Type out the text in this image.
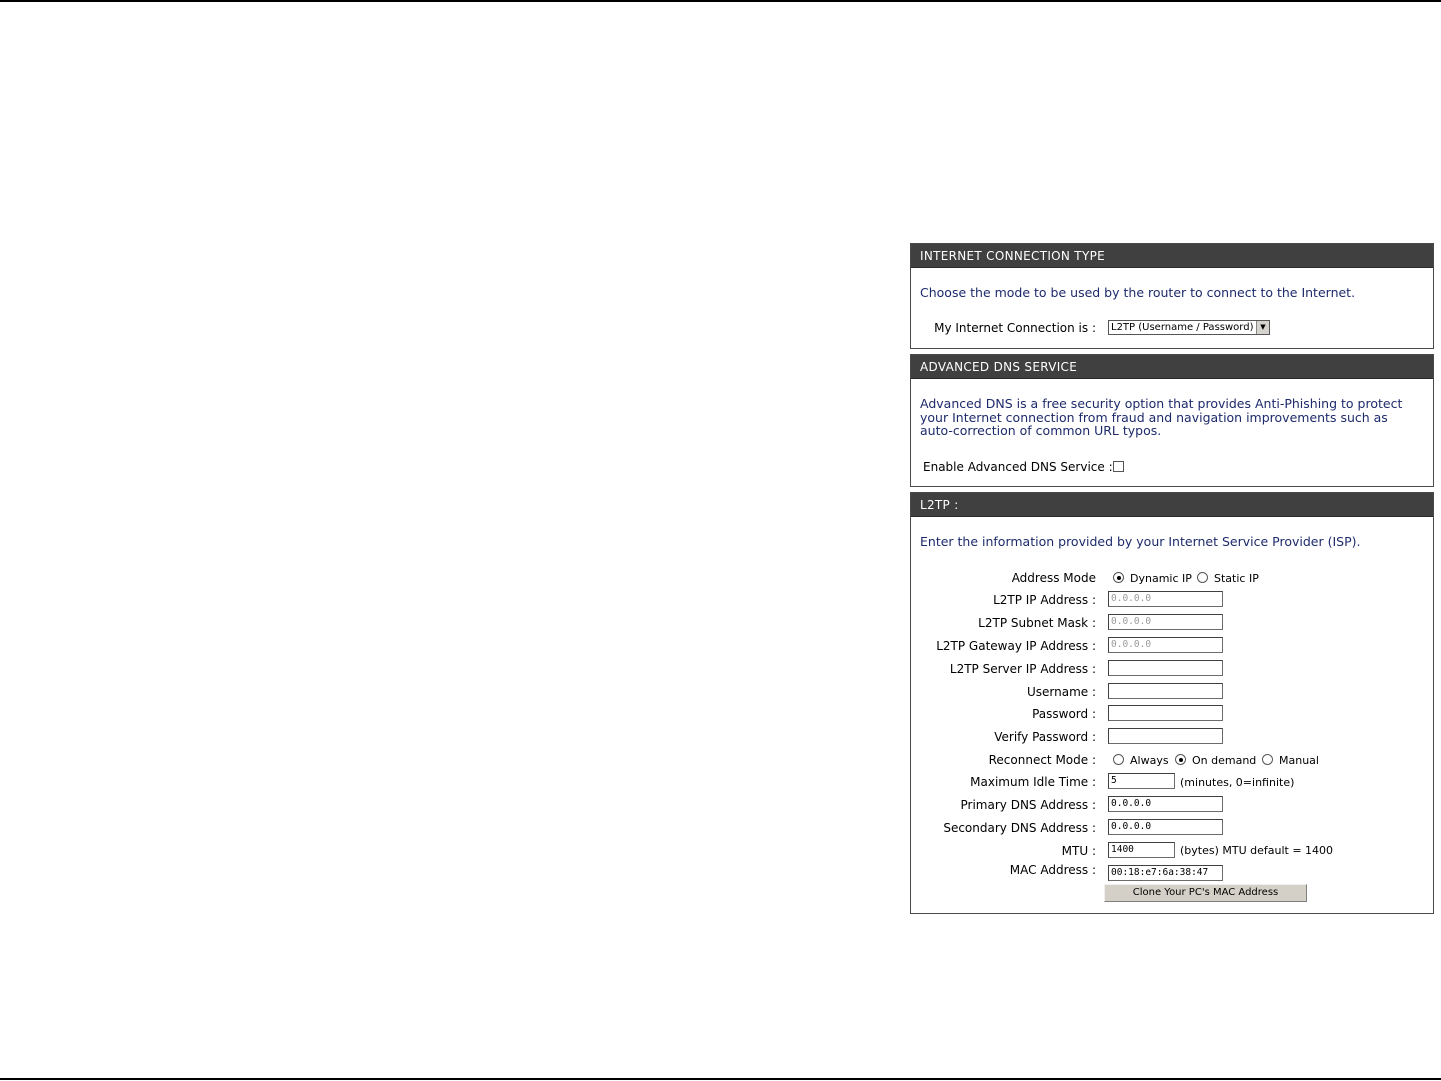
INTERNET CONNECTION TYPE
Choose the mode to be used by the router to connect to the Internet.
My Internet Connection is :	L2TP (Username / Password) ▼
ADVANCED DNS SERVICE
Advanced DNS is a free security option that provides Anti-Phishing to protect your Internet connection from fraud and navigation improvements such as auto-correction of common URL typos.
Enable Advanced DNS Service :
L2TP :
Enter the information provided by your Internet Service Provider (ISP).
Address Mode	Dynamic IP Static IP
L2TP IP Address :	0.0.0.0
L2TP Subnet Mask :	0.0.0.0
L2TP Gateway IP Address :	0.0.0.0
L2TP Server IP Address :
Username :
Password :
Verify Password :
Reconnect Mode :	Always On demand Manual
Maximum Idle Time :	5	(minutes, 0=infinite)
Primary DNS Address :	0.0.0.0
Secondary DNS Address :	0.0.0.0
MTU :	1400	(bytes) MTU default = 1400
MAC Address :	00:18:e7:6a:38:47
Clone Your PC's MAC Address
